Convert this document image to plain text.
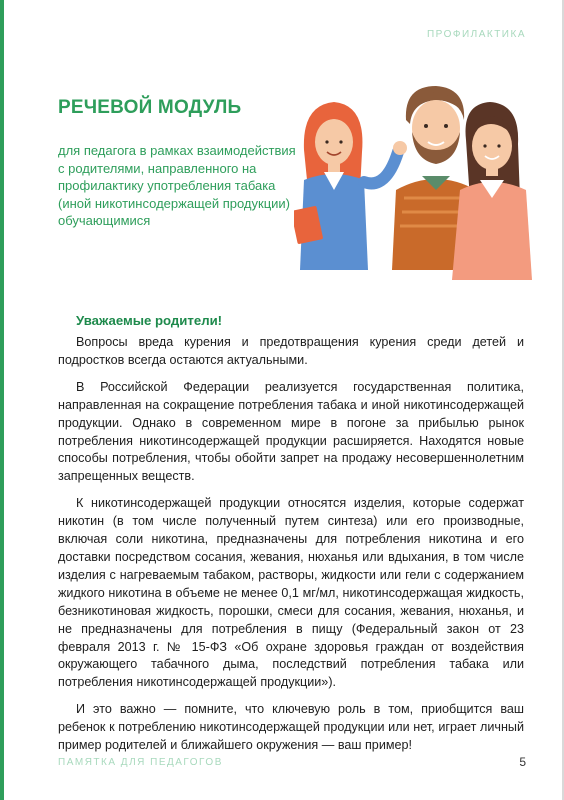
ПРОФИЛАКТИКА
РЕЧЕВОЙ МОДУЛЬ

для педагога в рамках взаимодействия с родителями, направленного на профилактику употребления табака (иной никотинсодержащей продукции) обучающимися

Уважаемые родители!

Вопросы вреда курения и предотвращения курения среди детей и подростков всегда остаются актуальными.

В Российской Федерации реализуется государственная политика, направленная на сокращение потребления табака и иной никотинсодержащей продукции. Однако в современном мире в погоне за прибылью рынок потребления никотинсодержащей продукции расширяется. Находятся новые способы потребления, чтобы обойти запрет на продажу несовершеннолетним запрещенных веществ.

К никотинсодержащей продукции относятся изделия, которые содержат никотин (в том числе полученный путем синтеза) или его производные, включая соли никотина, предназначены для потребления никотина и его доставки посредством сосания, жевания, нюханья или вдыхания, в том числе изделия с нагреваемым табаком, растворы, жидкости или гели с содержанием жидкого никотина в объеме не менее 0,1 мг/мл, никотинсодержащая жидкость, безникотиновая жидкость, порошки, смеси для сосания, жевания, нюханья, и не предназначены для потребления в пищу (Федеральный закон от 23 февраля 2013 г. № 15-ФЗ «Об охране здоровья граждан от воздействия окружающего табачного дыма, последствий потребления табака или потребления никотинсодержащей продукции»).

И это важно — помните, что ключевую роль в том, приобщится ваш ребенок к потреблению никотинсодержащей продукции или нет, играет личный пример родителей и ближайшего окружения — ваш пример!

ПАМЯТКА ДЛЯ ПЕДАГОГОВ	5
